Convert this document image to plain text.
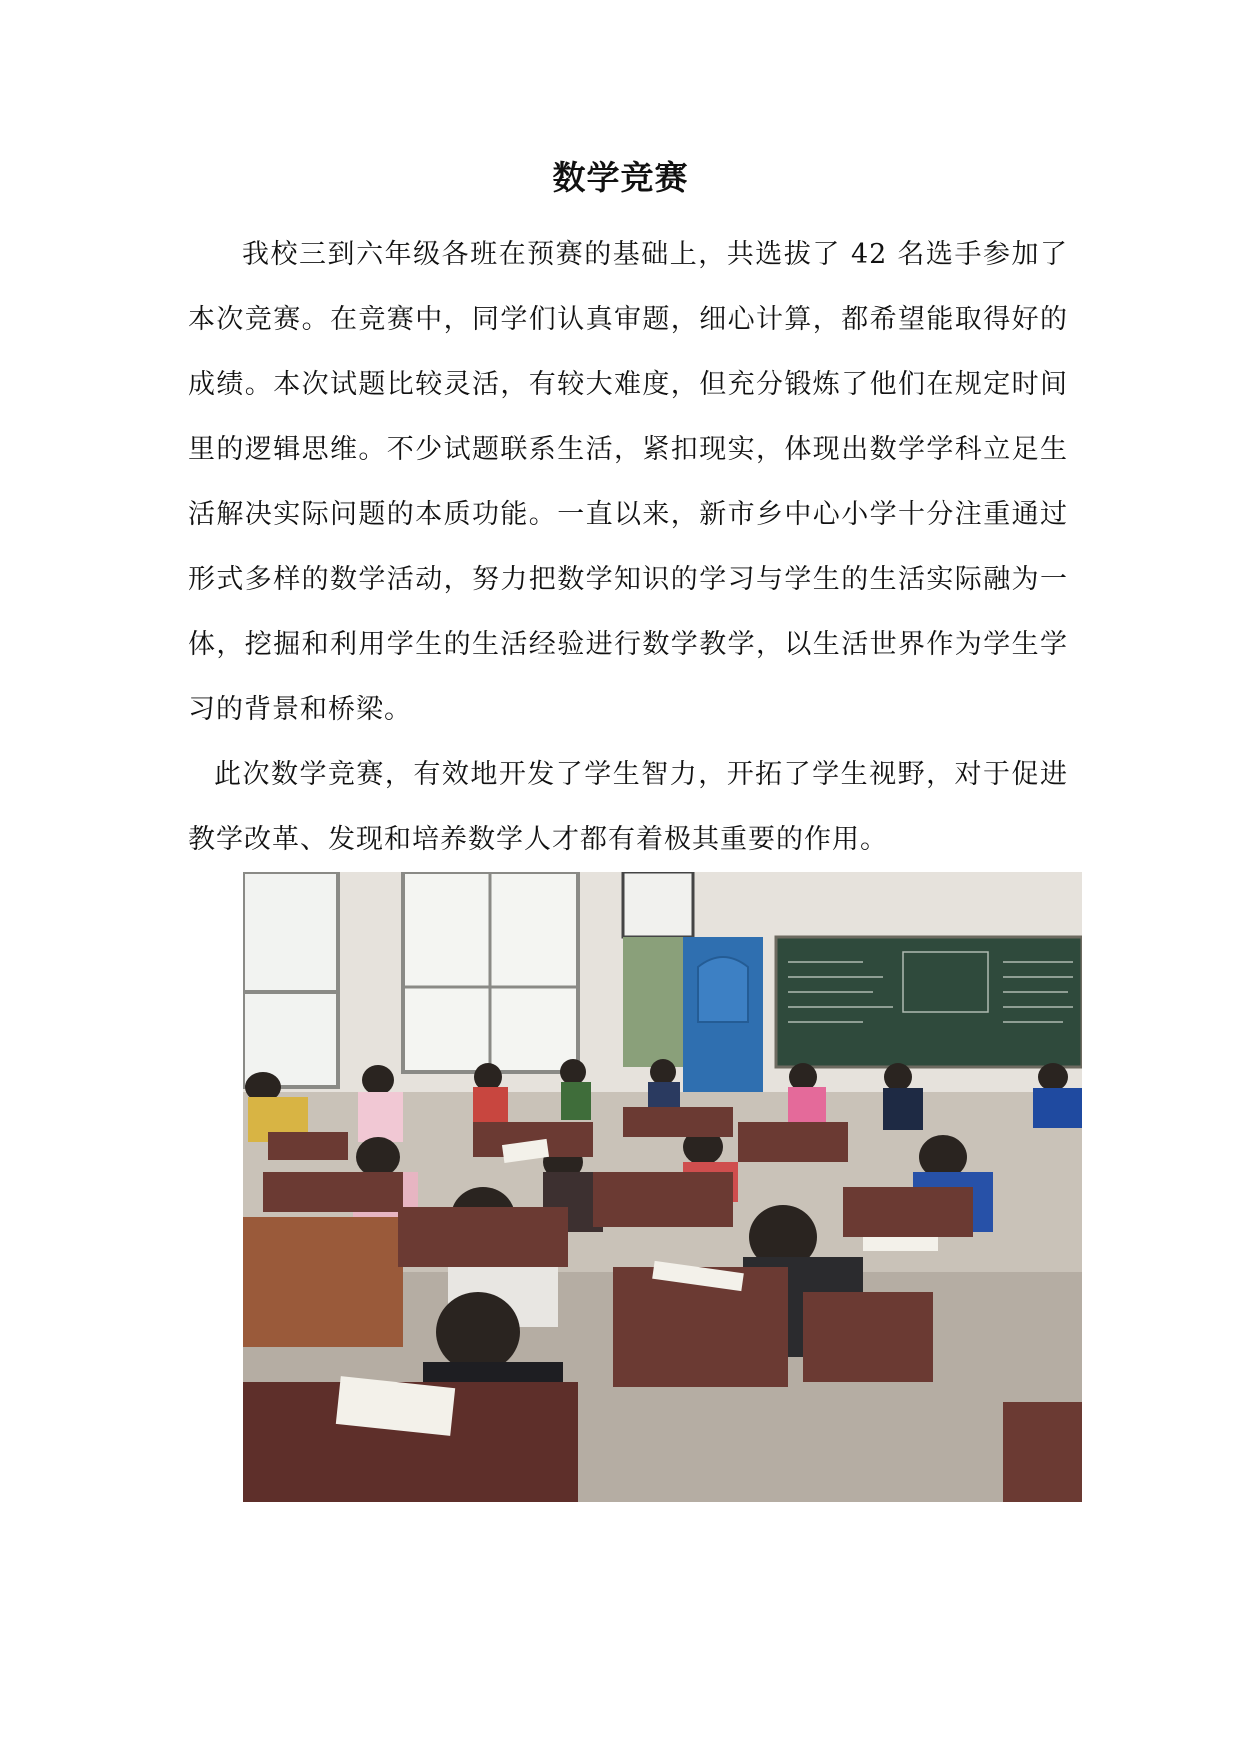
数学竞赛

我校三到六年级各班在预赛的基础上，共选拔了 42 名选手参加了本次竞赛。在竞赛中，同学们认真审题，细心计算，都希望能取得好的成绩。本次试题比较灵活，有较大难度，但充分锻炼了他们在规定时间里的逻辑思维。不少试题联系生活，紧扣现实，体现出数学学科立足生活解决实际问题的本质功能。一直以来，新市乡中心小学十分注重通过形式多样的数学活动，努力把数学知识的学习与学生的生活实际融为一体，挖掘和利用学生的生活经验进行数学教学，以生活世界作为学生学习的背景和桥梁。

此次数学竞赛，有效地开发了学生智力，开拓了学生视野，对于促进教学改革、发现和培养数学人才都有着极其重要的作用。
